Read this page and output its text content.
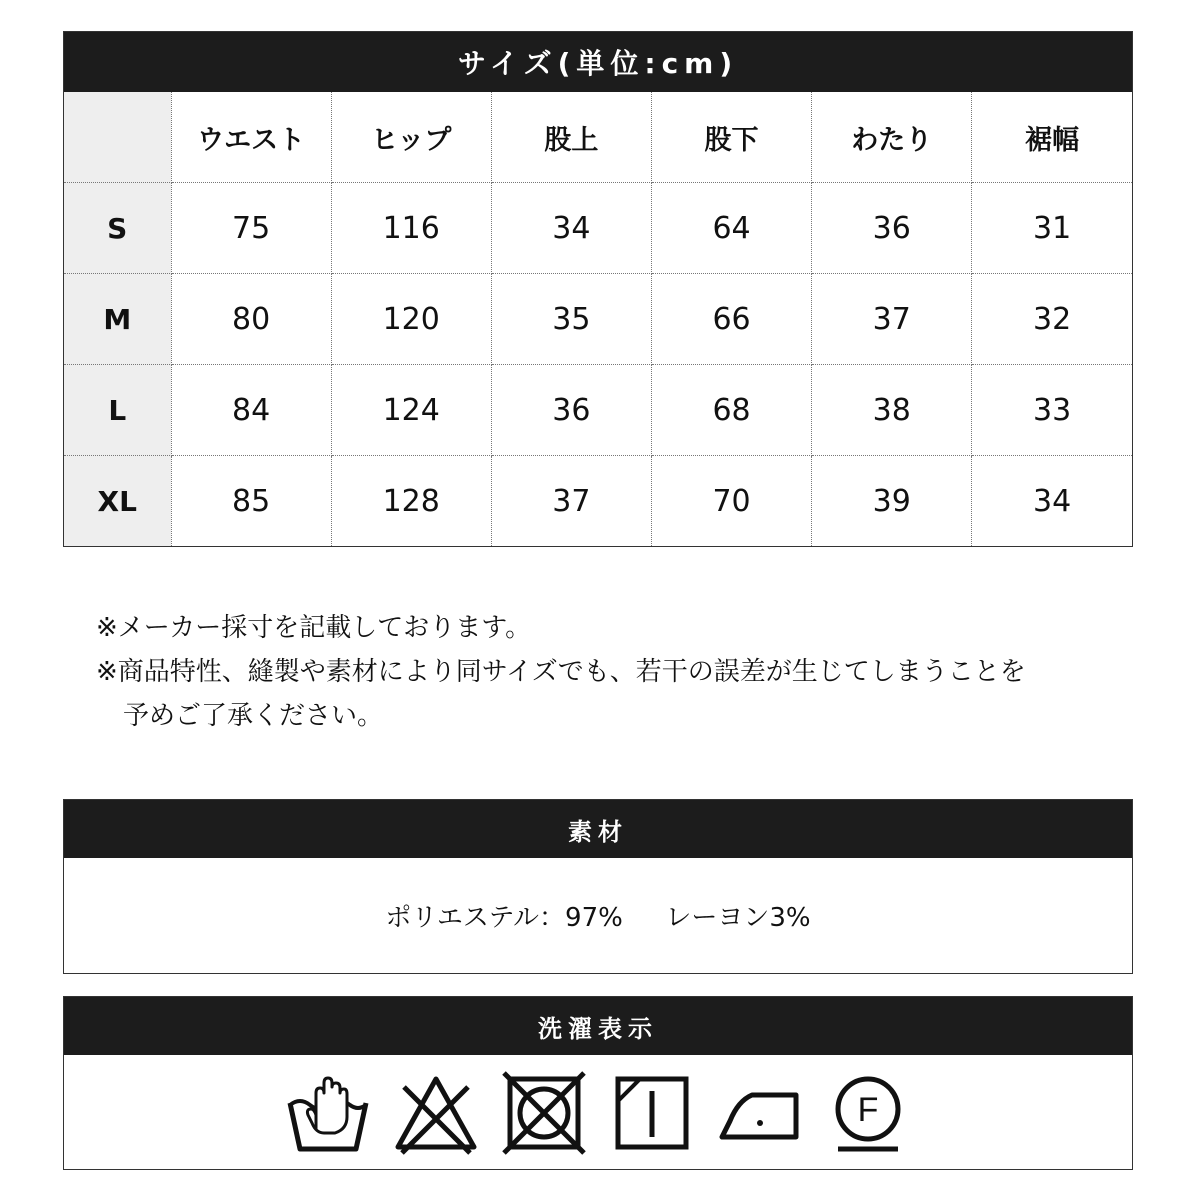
サイズ(単位:cm)
	ウエスト	ヒップ	股上	股下	わたり	裾幅
S	75	116	34	64	36	31
M	80	120	35	66	37	32
L	84	124	36	68	38	33
XL	85	128	37	70	39	34
※メーカー採寸を記載しております。
※商品特性、縫製や素材により同サイズでも、若干の誤差が生じてしまうことを
予めご了承ください。
素材
ポリエステル：97%　  レーヨン3%
洗濯表示
F
